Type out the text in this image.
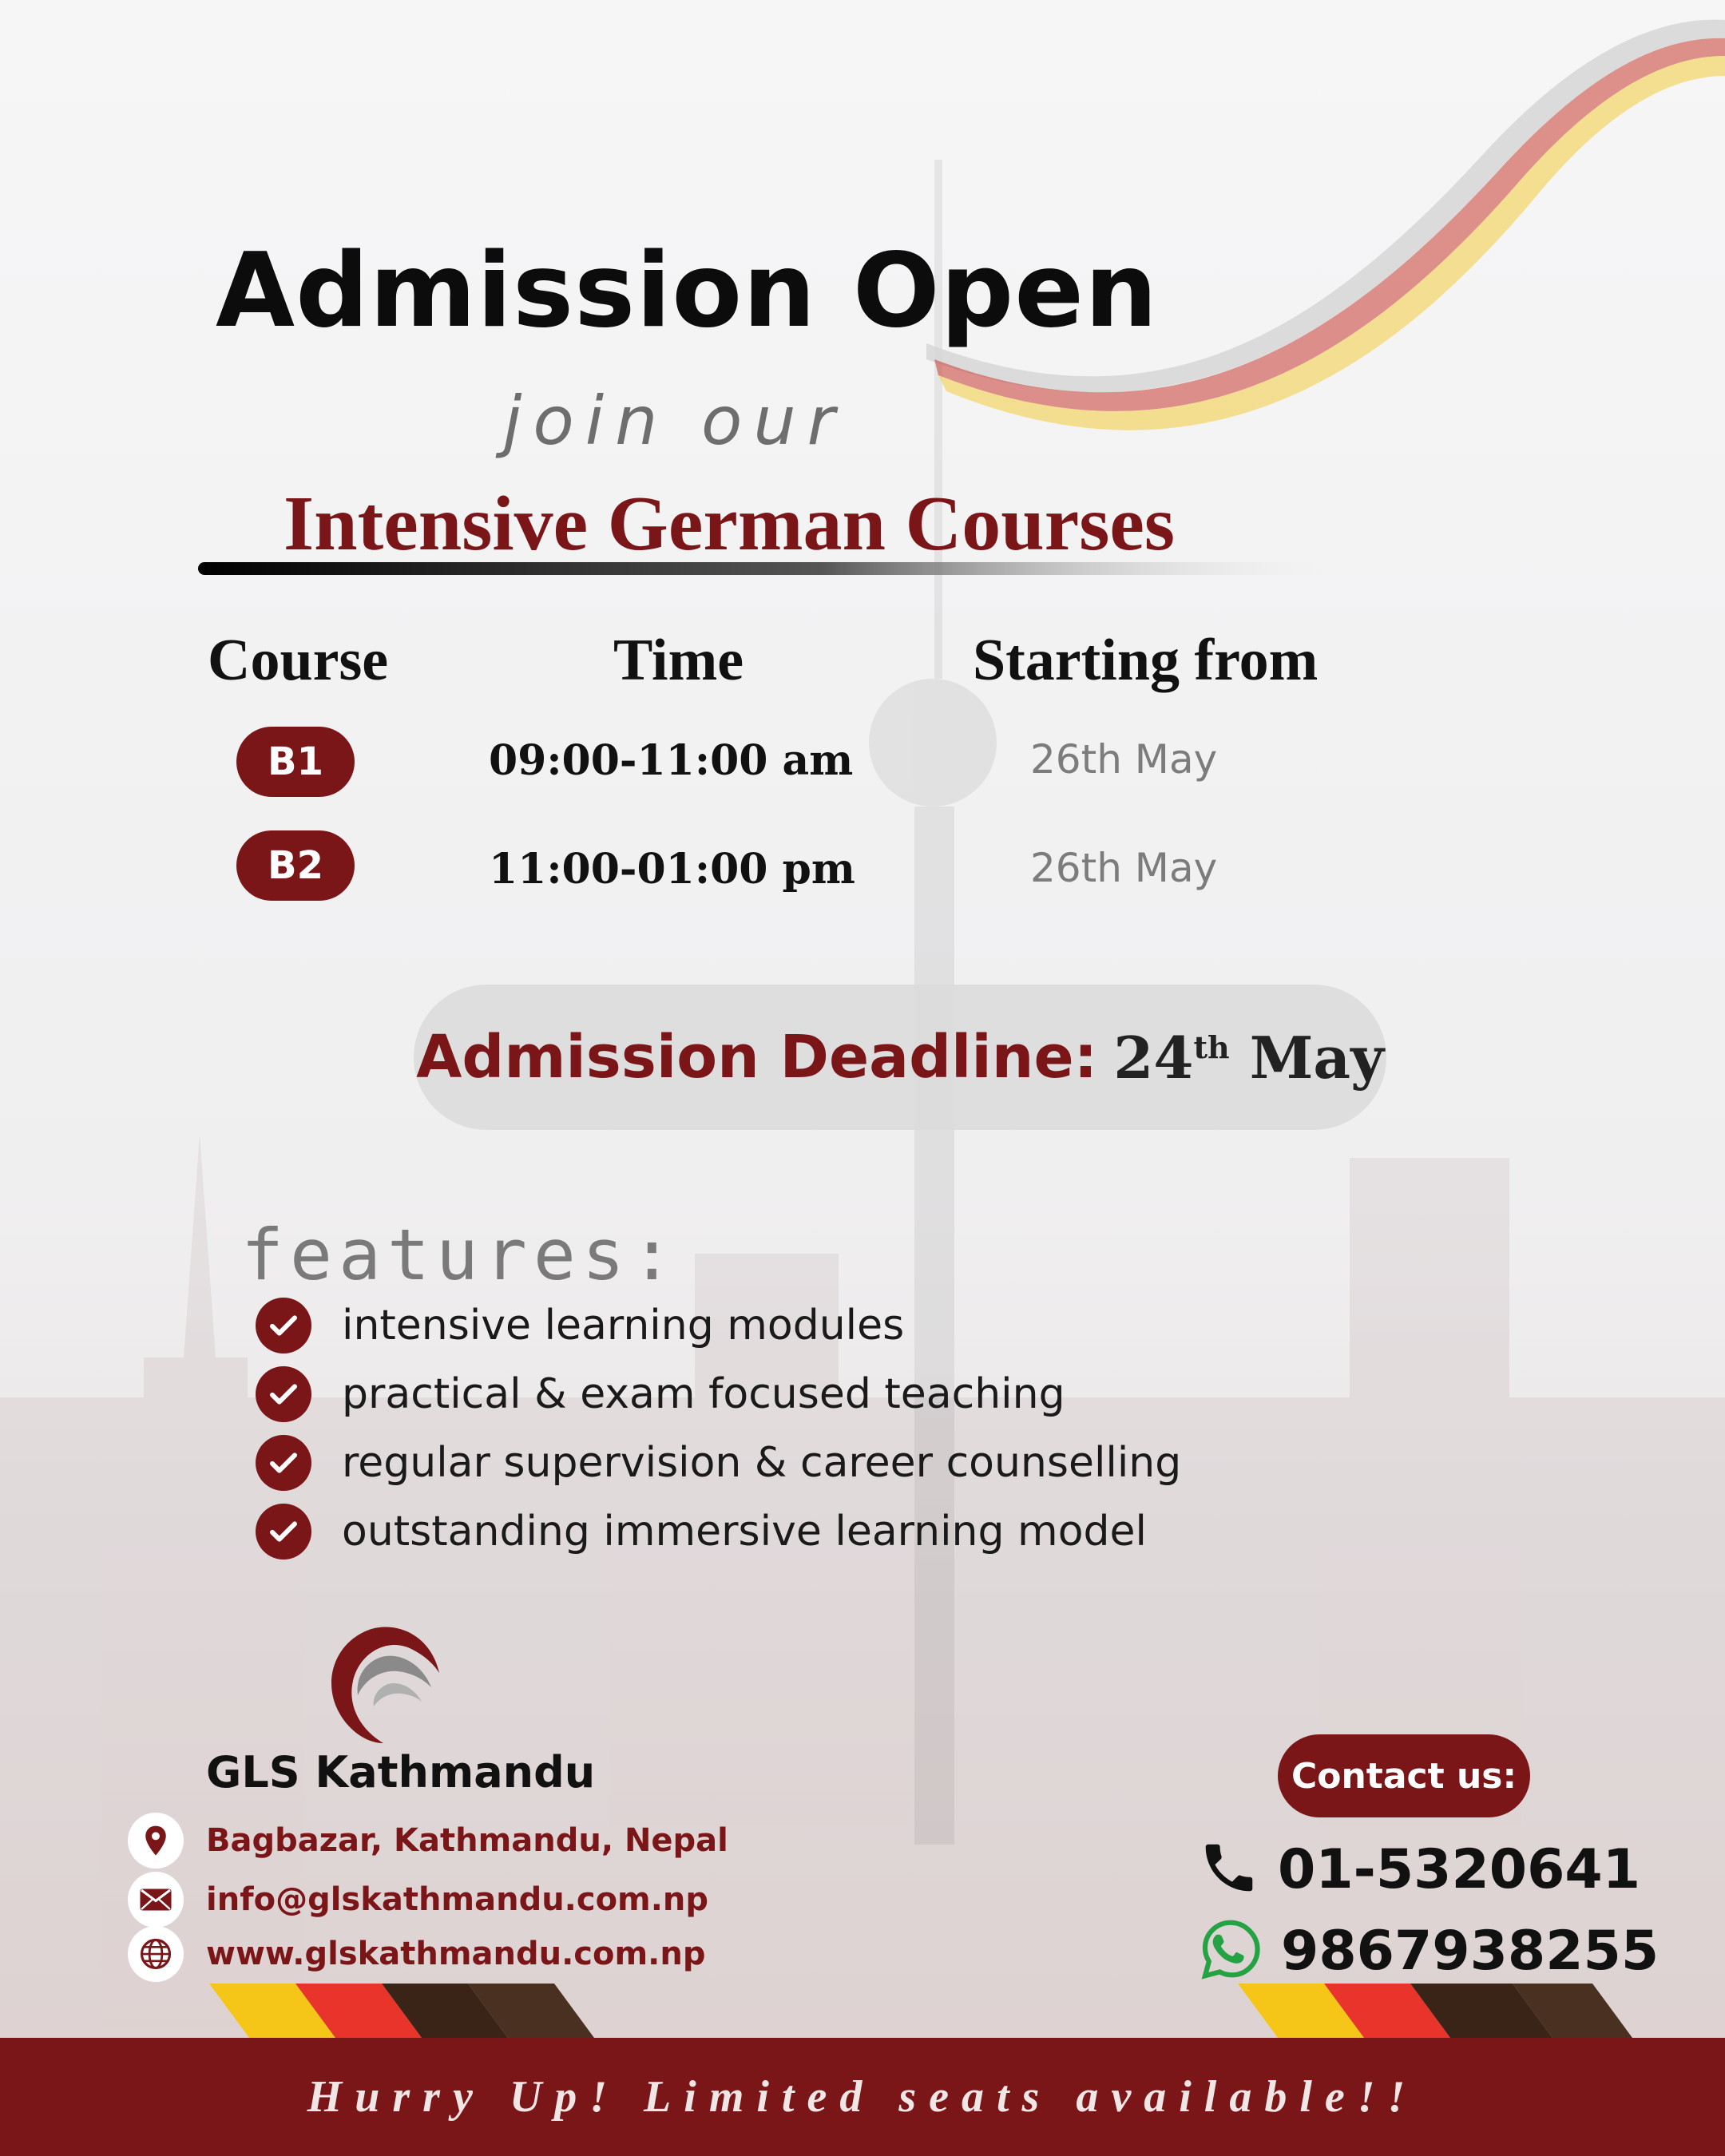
Admission Open
join our
Intensive German Courses
Course	Time	Starting from
B1	09:00-11:00 am	26th May
B2	11:00-01:00 pm	26th May
Admission Deadline: 24th May
features:
intensive learning modules
practical & exam focused teaching
regular supervision & career counselling
outstanding immersive learning model
GLS Kathmandu
Bagbazar, Kathmandu, Nepal
info@glskathmandu.com.np
www.glskathmandu.com.np
Contact us:
01-5320641
9867938255
Hurry Up! Limited seats available!!
